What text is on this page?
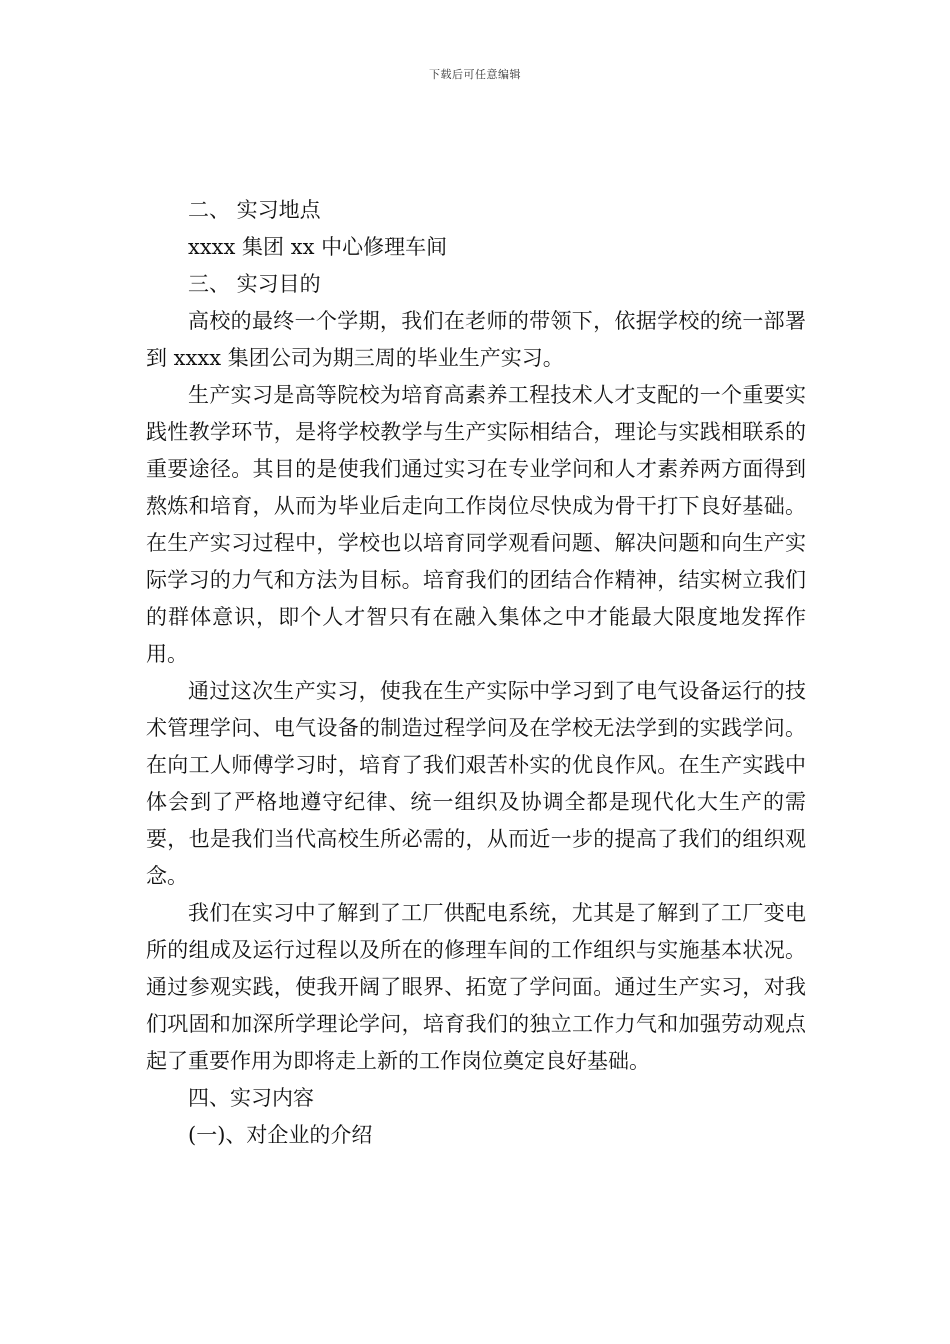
下载后可任意编辑

二、 实习地点

xxxx 集团 xx 中心修理车间

三、 实习目的

高校的最终一个学期，我们在老师的带领下，依据学校的统一部署到 xxxx 集团公司为期三周的毕业生产实习。

生产实习是高等院校为培育高素养工程技术人才支配的一个重要实践性教学环节，是将学校教学与生产实际相结合，理论与实践相联系的重要途径。其目的是使我们通过实习在专业学问和人才素养两方面得到熬炼和培育，从而为毕业后走向工作岗位尽快成为骨干打下良好基础。在生产实习过程中，学校也以培育同学观看问题、解决问题和向生产实际学习的力气和方法为目标。培育我们的团结合作精神，结实树立我们的群体意识，即个人才智只有在融入集体之中才能最大限度地发挥作用。

通过这次生产实习，使我在生产实际中学习到了电气设备运行的技术管理学问、电气设备的制造过程学问及在学校无法学到的实践学问。在向工人师傅学习时，培育了我们艰苦朴实的优良作风。在生产实践中体会到了严格地遵守纪律、统一组织及协调全都是现代化大生产的需要，也是我们当代高校生所必需的，从而近一步的提高了我们的组织观念。

我们在实习中了解到了工厂供配电系统，尤其是了解到了工厂变电所的组成及运行过程以及所在的修理车间的工作组织与实施基本状况。通过参观实践，使我开阔了眼界、拓宽了学问面。通过生产实习，对我们巩固和加深所学理论学问，培育我们的独立工作力气和加强劳动观点起了重要作用为即将走上新的工作岗位奠定良好基础。

四、实习内容

(一)、对企业的介绍
